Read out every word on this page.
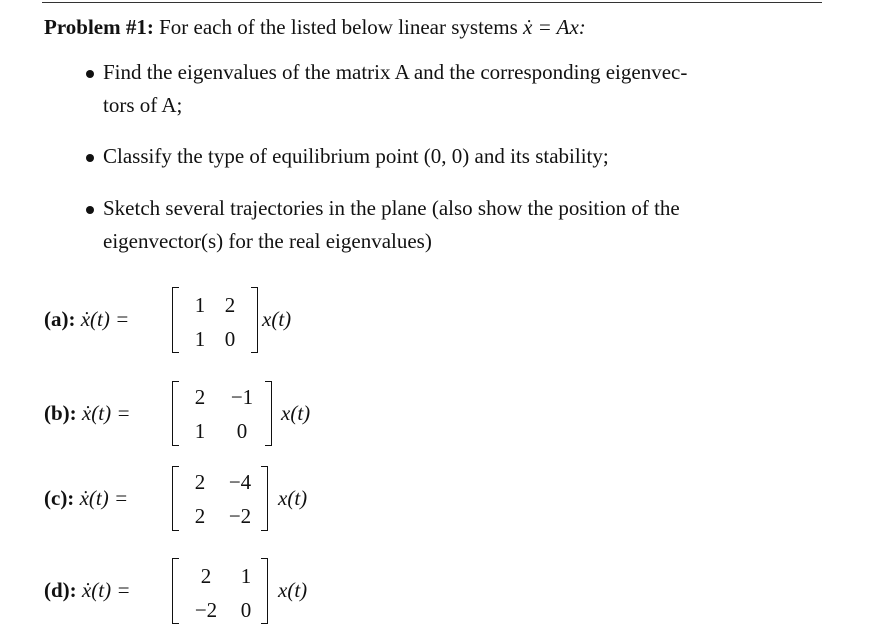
Problem #1: For each of the listed below linear systems ẋ = Ax:
Find the eigenvalues of the matrix A and the corresponding eigenvec-
tors of A;
Classify the type of equilibrium point (0, 0) and its stability;
Sketch several trajectories in the plane (also show the position of the
eigenvector(s) for the real eigenvalues)
(a): ẋ(t) =
1 2
1 0
x(t)
(b): ẋ(t) =
2	−1
1	0
x(t)
(c): ẋ(t) =
2	−4
2	−2
x(t)
(d): ẋ(t) =
2	1
−2	0
x(t)
